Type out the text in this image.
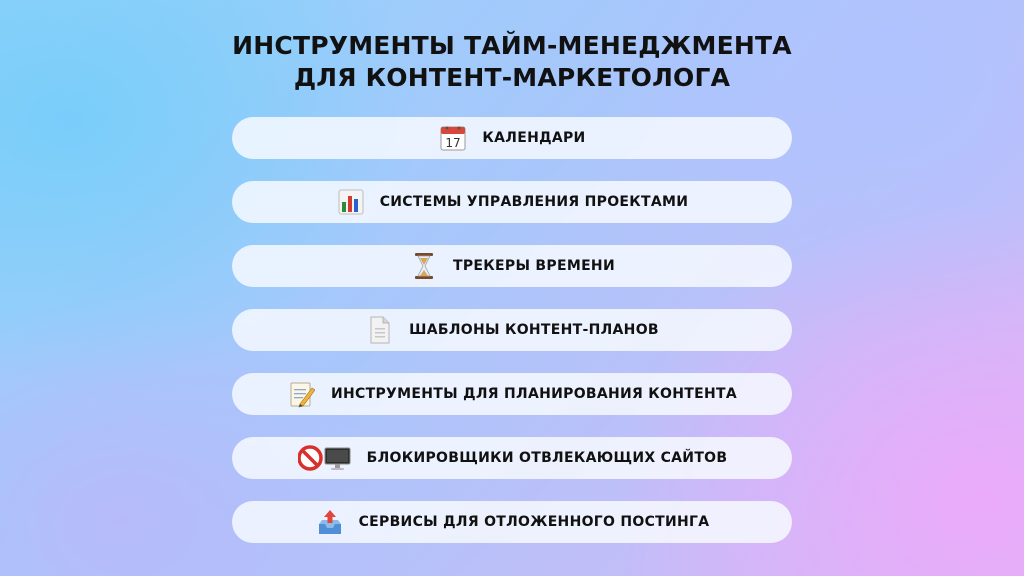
ИНСТРУМЕНТЫ ТАЙМ-МЕНЕДЖМЕНТА
ДЛЯ КОНТЕНТ-МАРКЕТОЛОГА
17 КАЛЕНДАРИ
СИСТЕМЫ УПРАВЛЕНИЯ ПРОЕКТАМИ
ТРЕКЕРЫ ВРЕМЕНИ
ШАБЛОНЫ КОНТЕНТ-ПЛАНОВ
ИНСТРУМЕНТЫ ДЛЯ ПЛАНИРОВАНИЯ КОНТЕНТА
БЛОКИРОВЩИКИ ОТВЛЕКАЮЩИХ САЙТОВ
СЕРВИСЫ ДЛЯ ОТЛОЖЕННОГО ПОСТИНГА
